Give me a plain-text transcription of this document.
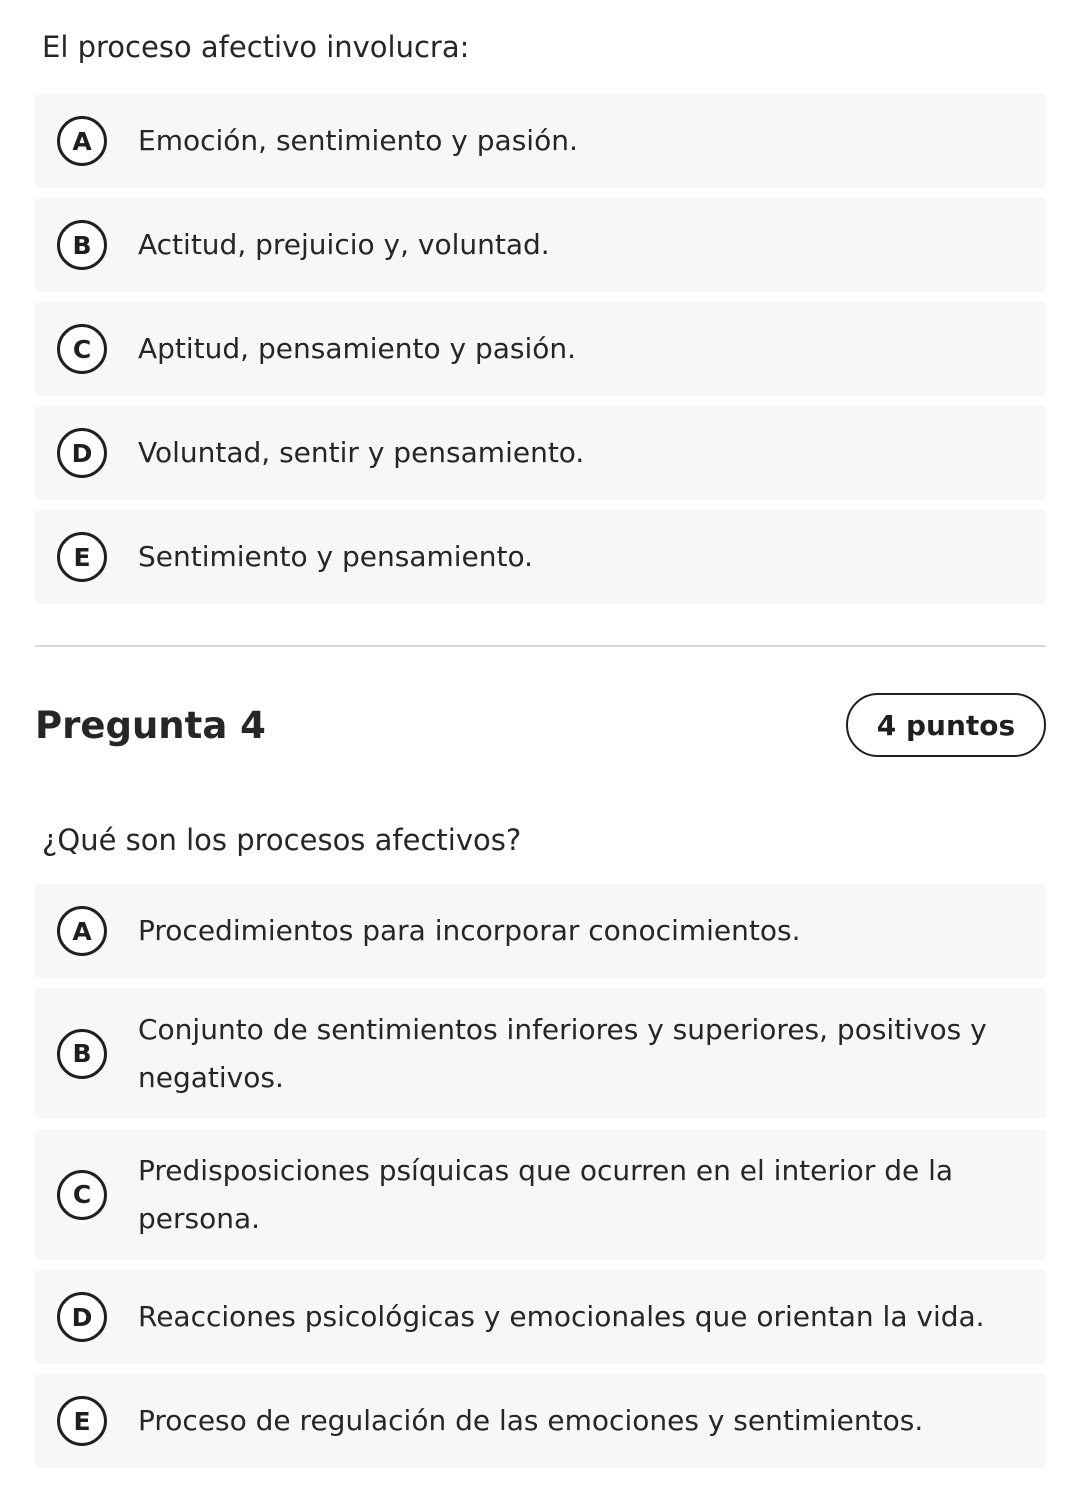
El proceso afectivo involucra:
A	Emoción, sentimiento y pasión.
B	Actitud, prejuicio y, voluntad.
C	Aptitud, pensamiento y pasión.
D	Voluntad, sentir y pensamiento.
E	Sentimiento y pensamiento.
Pregunta 4	4 puntos
¿Qué son los procesos afectivos?
A	Procedimientos para incorporar conocimientos.
B
Conjunto de sentimientos inferiores y superiores, positivos y negativos.
C
Predisposiciones psíquicas que ocurren en el interior de la persona.
D	Reacciones psicológicas y emocionales que orientan la vida.
E	Proceso de regulación de las emociones y sentimientos.
